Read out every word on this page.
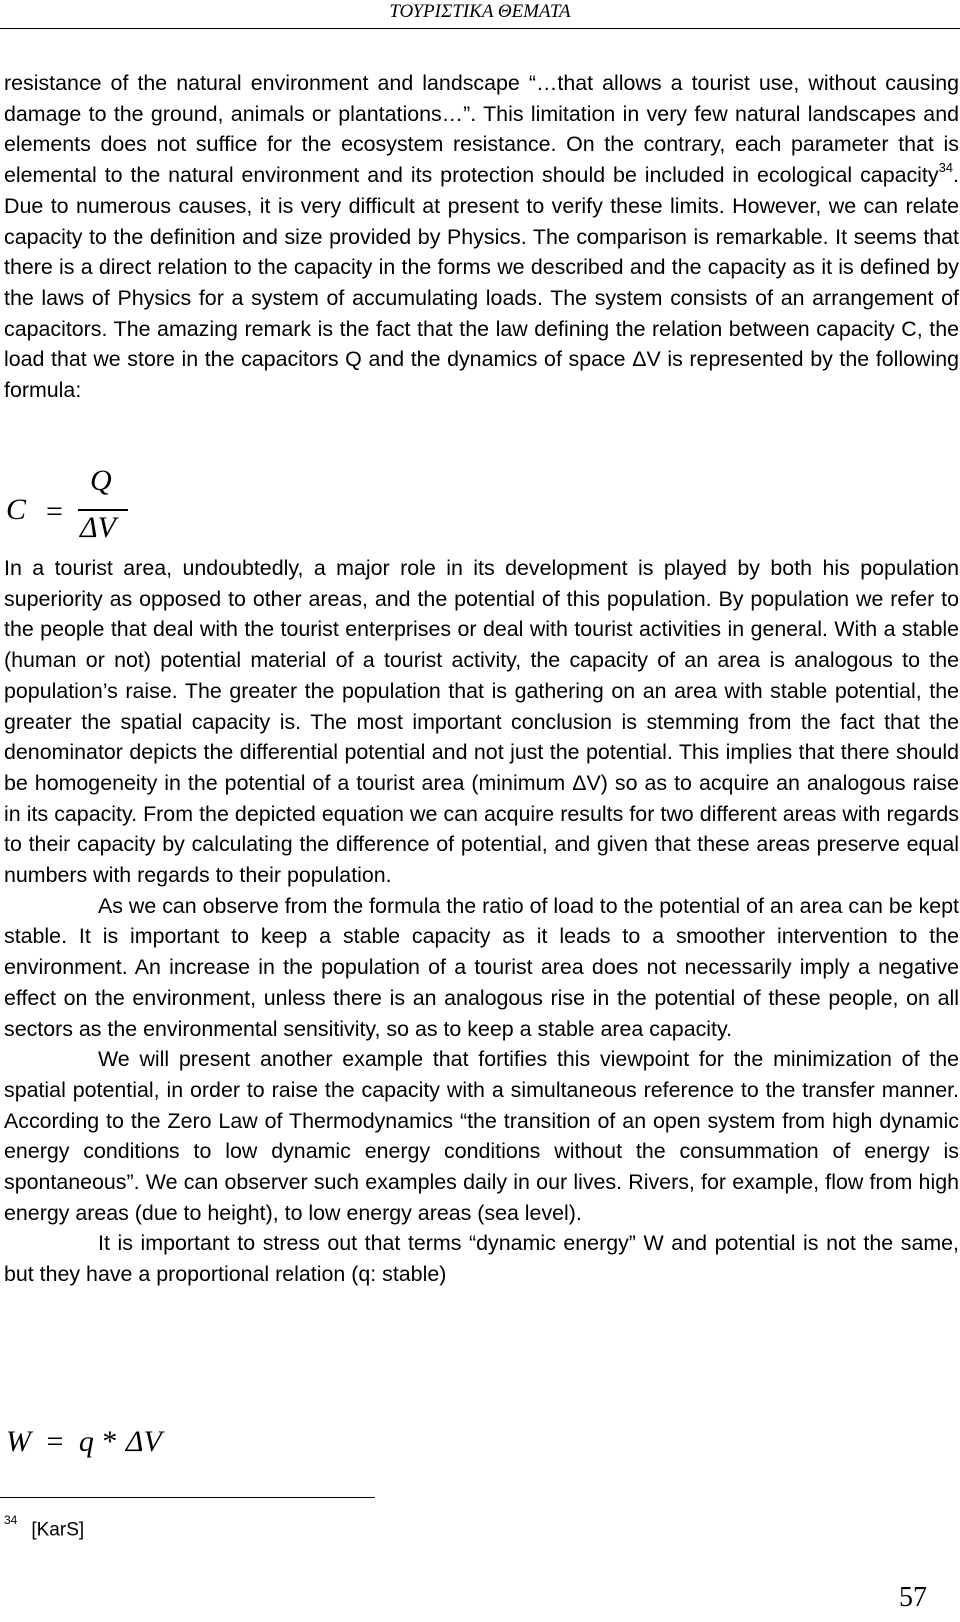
ΤΟΥΡΙΣΤΙΚΑ ΘΕΜΑΤΑ

resistance of the natural environment and landscape “…that allows a tourist use, without causing damage to the ground, animals or plantations…”. This limitation in very few natural landscapes and elements does not suffice for the ecosystem resistance. On the contrary, each parameter that is elemental to the natural environment and its protection should be included in ecological capacity$^{34}$. Due to numerous causes, it is very difficult at present to verify these limits. However, we can relate capacity to the definition and size provided by Physics. The comparison is remarkable. It seems that there is a direct relation to the capacity in the forms we described and the capacity as it is defined by the laws of Physics for a system of accumulating loads. The system consists of an arrangement of capacitors. The amazing remark is the fact that the law defining the relation between capacity C, the load that we store in the capacitors Q and the dynamics of space ΔV is represented by the following formula:

C =
Q
ΔV

In a tourist area, undoubtedly, a major role in its development is played by both his population superiority as opposed to other areas, and the potential of this population. By population we refer to the people that deal with the tourist enterprises or deal with tourist activities in general. With a stable (human or not) potential material of a tourist activity, the capacity of an area is analogous to the population’s raise. The greater the population that is gathering on an area with stable potential, the greater the spatial capacity is. The most important conclusion is stemming from the fact that the denominator depicts the differential potential and not just the potential. This implies that there should be homogeneity in the potential of a tourist area (minimum ΔV) so as to acquire an analogous raise in its capacity. From the depicted equation we can acquire results for two different areas with regards to their capacity by calculating the difference of potential, and given that these areas preserve equal numbers with regards to their population.

As we can observe from the formula the ratio of load to the potential of an area can be kept stable. It is important to keep a stable capacity as it leads to a smoother intervention to the environment. An increase in the population of a tourist area does not necessarily imply a negative effect on the environment, unless there is an analogous rise in the potential of these people, on all sectors as the environmental sensitivity, so as to keep a stable area capacity.

We will present another example that fortifies this viewpoint for the minimization of the spatial potential, in order to raise the capacity with a simultaneous reference to the transfer manner. According to the Zero Law of Thermodynamics “the transition of an open system from high dynamic energy conditions to low dynamic energy conditions without the consummation of energy is spontaneous”. We can observer such examples daily in our lives. Rivers, for example, flow from high energy areas (due to height), to low energy areas (sea level).

It is important to stress out that terms “dynamic energy” W and potential is not the same, but they have a proportional relation (q: stable)

W = q * ΔV
$^{34}$ [KarS]
57
